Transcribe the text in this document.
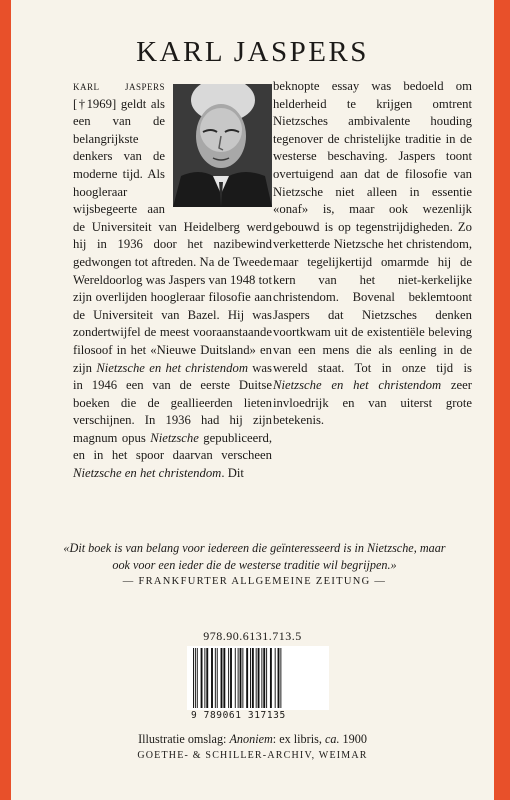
KARL JASPERS

karl jaspers [†1969] geldt als een van de belangrijkste denkers van de moderne tijd. Als hoogleraar wijsbegeerte aan de Universiteit van Heidelberg werd hij in 1936 door het nazibewind gedwongen tot aftreden. Na de Tweede Wereldoorlog was Jaspers van 1948 tot zijn overlijden hoogleraar filosofie aan de Universiteit van Bazel. Hij was zondertwijfel de meest vooraanstaande filosoof in het «Nieuwe Duitsland» en zijn Nietzsche en het christendom was in 1946 een van de eerste Duitse boeken die de geallieerden lieten verschijnen. In 1936 had hij zijn magnum opus Nietzsche gepubliceerd, en in het spoor daarvan verscheen Nietzsche en het christendom. Dit

beknopte essay was bedoeld om helderheid te krijgen omtrent Nietzsches ambivalente houding tegenover de christelijke traditie in de westerse beschaving. Jaspers toont overtuigend aan dat de filosofie van Nietzsche niet alleen in essentie «onaf» is, maar ook wezenlijk gebouwd is op tegenstrijdigheden. Zo verketterde Nietzsche het christendom, maar tegelijkertijd omarmde hij de kern van het niet-kerkelijke christendom. Bovenal beklemtoont Jaspers dat Nietzsches denken voortkwam uit de existentiële beleving van een mens die als eenling in de wereld staat. Tot in onze tijd is Nietzsche en het christendom zeer invloedrijk en van uiterst grote betekenis.

«Dit boek is van belang voor iedereen die geïnteresseerd is in Nietzsche, maar ook voor een ieder die de westerse traditie wil begrijpen.»
— FRANKFURTER ALLGEMEINE ZEITUNG —
978.90.6131.713.5
9 789061 317135
Illustratie omslag: Anoniem: ex libris, ca. 1900
GOETHE- & SCHILLER-ARCHIV, WEIMAR
